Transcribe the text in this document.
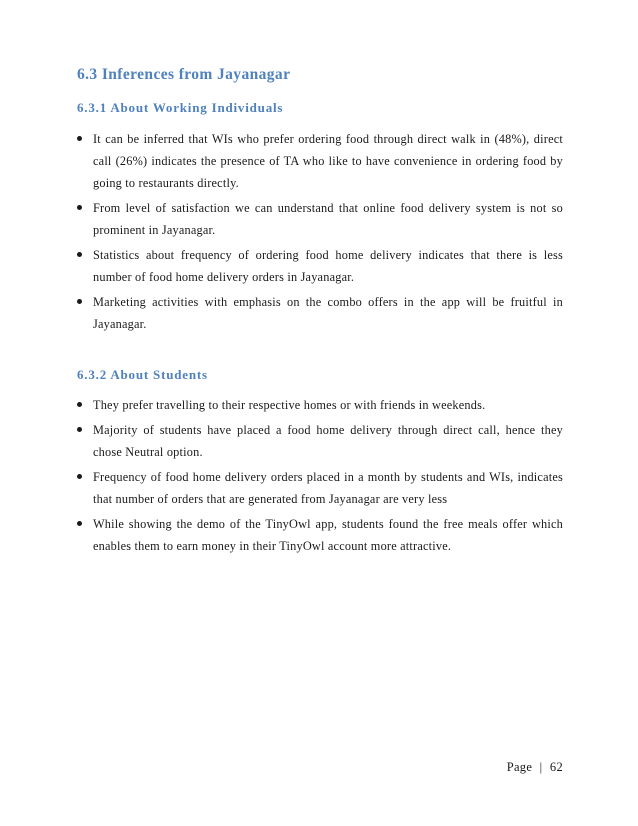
6.3 Inferences from Jayanagar
6.3.1 About Working Individuals
It can be inferred that WIs who prefer ordering food through direct walk in (48%), direct call (26%) indicates the presence of TA who like to have convenience in ordering food by going to restaurants directly.
From level of satisfaction we can understand that online food delivery system is not so prominent in Jayanagar.
Statistics about frequency of ordering food home delivery indicates that there is less number of food home delivery orders in Jayanagar.
Marketing activities with emphasis on the combo offers in the app will be fruitful in Jayanagar.
6.3.2 About Students
They prefer travelling to their respective homes or with friends in weekends.
Majority of students have placed a food home delivery through direct call, hence they chose Neutral option.
Frequency of food home delivery orders placed in a month by students and WIs, indicates that number of orders that are generated from Jayanagar are very less
While showing the demo of the TinyOwl app, students found the free meals offer which enables them to earn money in their TinyOwl account more attractive.
Page | 62
